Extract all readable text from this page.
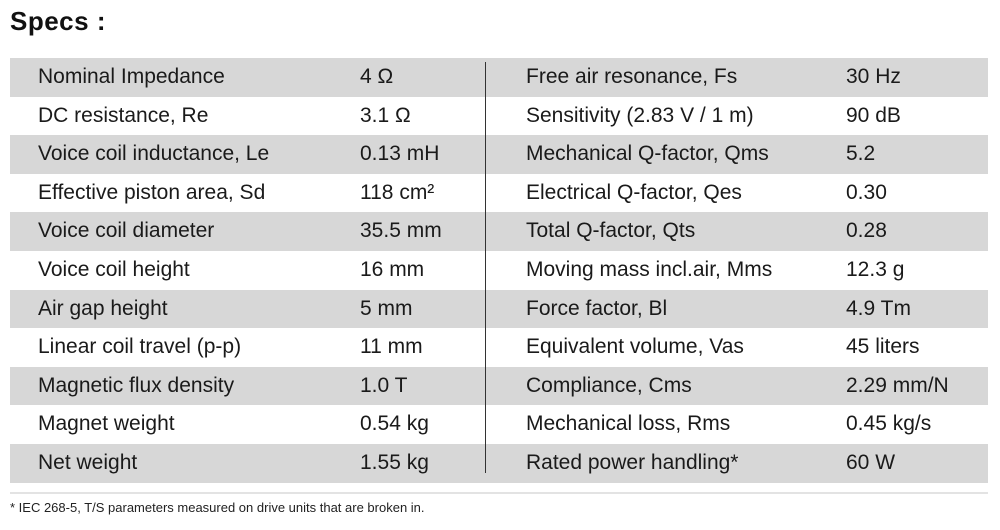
Specs :
Nominal Impedance	4 Ω	Free air resonance, Fs	30 Hz
DC resistance, Re	3.1 Ω	Sensitivity (2.83 V / 1 m)	90 dB
Voice coil inductance, Le	0.13 mH	Mechanical Q-factor, Qms	5.2
Effective piston area, Sd	118 cm²	Electrical Q-factor, Qes	0.30
Voice coil diameter	35.5 mm	Total Q-factor, Qts	0.28
Voice coil height	16 mm	Moving mass incl.air, Mms	12.3 g
Air gap height	5 mm	Force factor, Bl	4.9 Tm
Linear coil travel (p-p)	11 mm	Equivalent volume, Vas	45 liters
Magnetic flux density	1.0 T	Compliance, Cms	2.29 mm/N
Magnet weight	0.54 kg	Mechanical loss, Rms	0.45 kg/s
Net weight	1.55 kg	Rated power handling*	60 W
* IEC 268-5, T/S parameters measured on drive units that are broken in.
